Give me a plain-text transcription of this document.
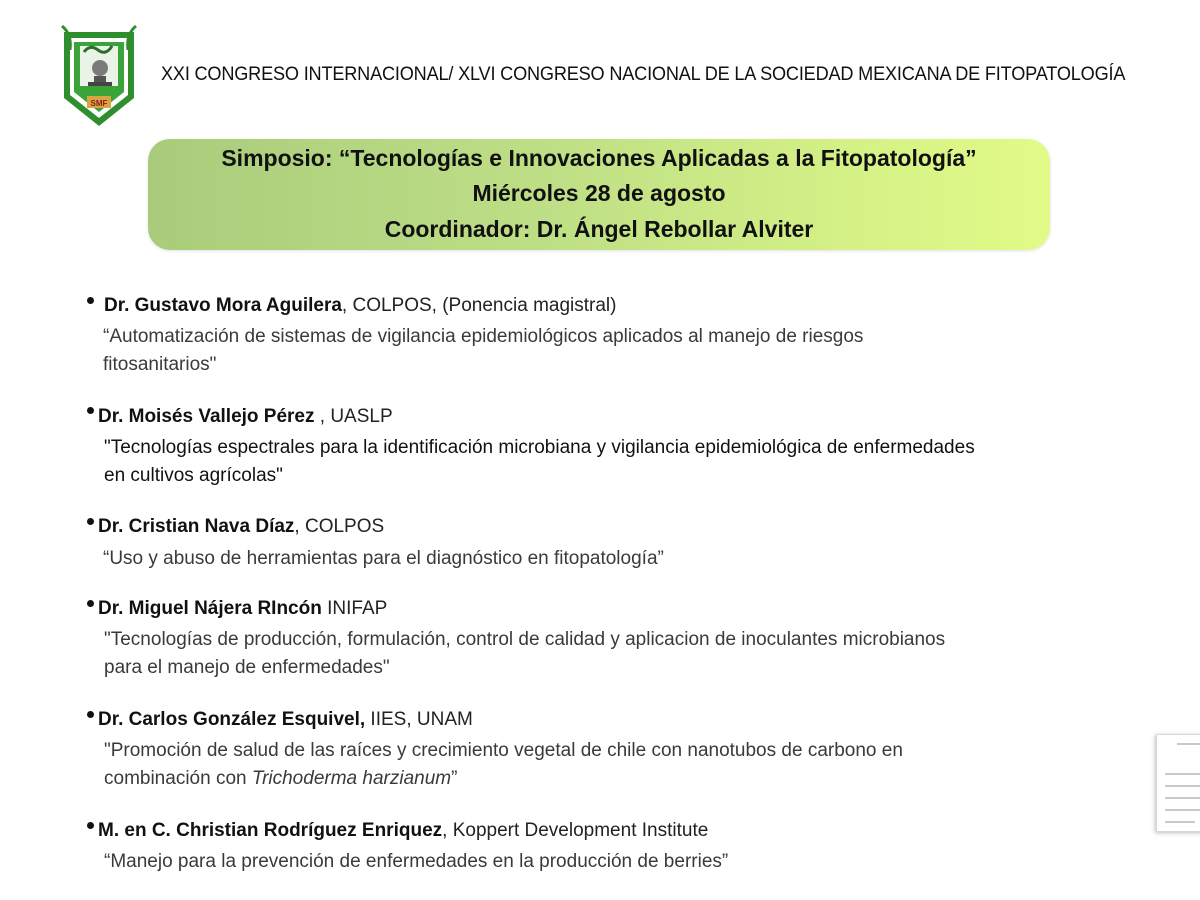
SMF
XXI CONGRESO INTERNACIONAL/ XLVI CONGRESO NACIONAL DE LA SOCIEDAD MEXICANA DE FITOPATOLOGÍA
Simposio: “Tecnologías e Innovaciones Aplicadas a la Fitopatología”
Miércoles 28 de agosto
Coordinador: Dr. Ángel Rebollar Alviter
Dr. Gustavo Mora Aguilera, COLPOS, (Ponencia magistral)
“Automatización de sistemas de vigilancia epidemiológicos aplicados al manejo de riesgos
fitosanitarios"
Dr. Moisés Vallejo Pérez , UASLP
"Tecnologías espectrales para la identificación microbiana y vigilancia epidemiológica de enfermedades
en cultivos agrícolas"
Dr. Cristian Nava Díaz, COLPOS
“Uso y abuso de herramientas para el diagnóstico en fitopatología”
Dr. Miguel Nájera RIncón INIFAP
"Tecnologías de producción, formulación, control de calidad y aplicacion de inoculantes microbianos
para el manejo de enfermedades"
Dr. Carlos González Esquivel, IIES, UNAM
"Promoción de salud de las raíces y crecimiento vegetal de chile con nanotubos de carbono en
combinación con Trichoderma harzianum”
M. en C. Christian Rodríguez Enriquez, Koppert Development Institute
“Manejo para la prevención de enfermedades en la producción de berries”
